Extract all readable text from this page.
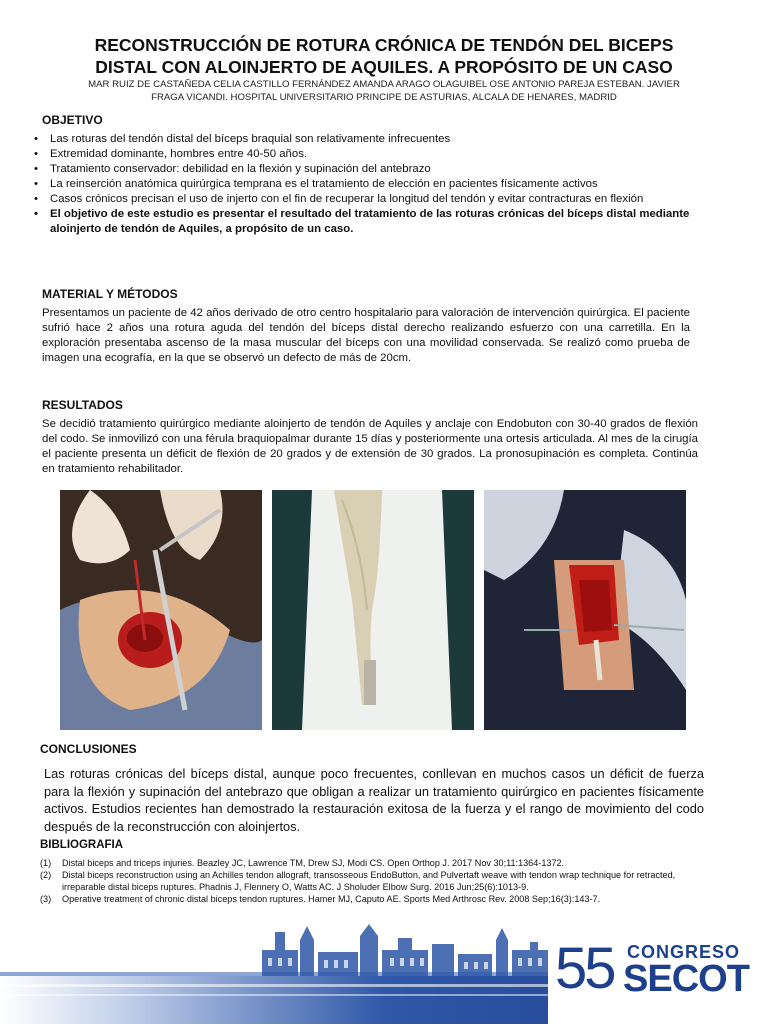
RECONSTRUCCIÓN DE ROTURA CRÓNICA DE TENDÓN DEL BICEPS
DISTAL CON ALOINJERTO DE AQUILES. A PROPÓSITO DE UN CASO

MAR RUIZ DE CASTAÑEDA CELIA CASTILLO FERNÁNDEZ AMANDA ARAGO OLAGUIBEL OSE ANTONIO PAREJA ESTEBAN. JAVIER
FRAGA VICANDI. HOSPITAL UNIVERSITARIO PRINCIPE DE ASTURIAS, ALCALA DE HENARES, MADRID

OBJETIVO
• Las roturas del tendón distal del bíceps braquial son relativamente infrecuentes
• Extremidad dominante, hombres entre 40-50 años.
• Tratamiento conservador: debilidad en la flexión y supinación del antebrazo
• La reinserción anatómica quirúrgica temprana es el tratamiento de elección en pacientes físicamente activos
• Casos crónicos precisan el uso de injerto con el fin de recuperar la longitud del tendón y evitar contracturas en flexión
• El objetivo de este estudio es presentar el resultado del tratamiento de las roturas crónicas del bíceps distal mediante aloinjerto de tendón de Aquiles, a propósito de un caso.
MATERIAL Y MÉTODOS

Presentamos un paciente de 42 años derivado de otro centro hospitalario para valoración de intervención quirúrgica. El paciente sufrió hace 2 años una rotura aguda del tendón del bíceps distal derecho realizando esfuerzo con una carretilla. En la exploración presentaba ascenso de la masa muscular del bíceps con una movilidad conservada. Se realizó como prueba de imagen una ecografía, en la que se observó un defecto de más de 20cm.

RESULTADOS

Se decidió tratamiento quirúrgico mediante aloinjerto de tendón de Aquiles y anclaje con Endobuton con 30-40 grados de flexión del codo. Se inmovilizó con una férula braquiopalmar durante 15 días y posteriormente una ortesis articulada. Al mes de la cirugía el paciente presenta un déficit de flexión de 20 grados y de extensión de 30 grados. La pronosupinación es completa. Continúa en tratamiento rehabilitador.

CONCLUSIONES

Las roturas crónicas del bíceps distal, aunque poco frecuentes, conllevan en muchos casos un déficit de fuerza para la flexión y supinación del antebrazo que obligan a realizar un tratamiento quirúrgico en pacientes físicamente activos. Estudios recientes han demostrado la restauración exitosa de la fuerza y el rango de movimiento del codo después de la reconstrucción con aloinjertos.

BIBLIOGRAFIA
(1) Distal biceps and triceps injuries. Beazley JC, Lawrence TM, Drew SJ, Modi CS. Open Orthop J. 2017 Nov 30;11:1364-1372.
(2) Distal biceps reconstruction using an Achilles tendon allograft, transosseous EndoButton, and Pulvertaft weave with tendon wrap technique for retracted, irreparable distal biceps ruptures. Phadnis J, Flennery O, Watts AC. J Sholuder Elbow Surg. 2016 Jun;25(6):1013-9.
(3) Operative treatment of chronic distal biceps tendon ruptures. Hamer MJ, Caputo AE. Sports Med Arthrosc Rev. 2008 Sep;16(3):143-7.
55 CONGRESO
SECOT
